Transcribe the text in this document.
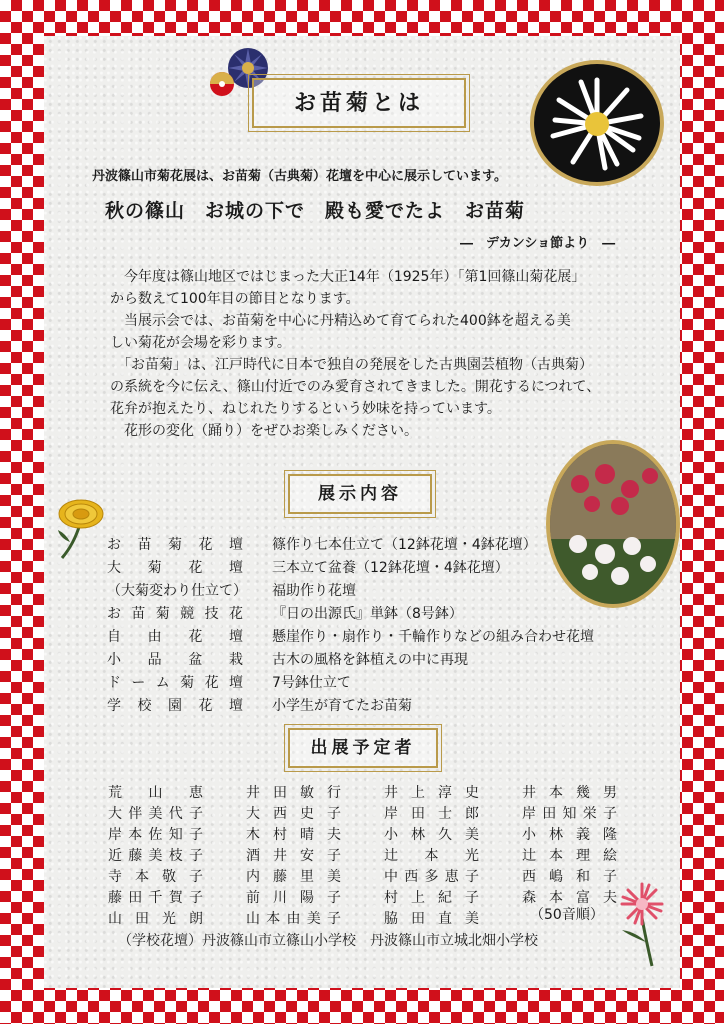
お苗菊とは
丹波篠山市菊花展は、お苗菊（古典菊）花壇を中心に展示しています。
秋の篠山　お城の下で　殿も愛でたよ　お苗菊
―　デカンショ節より　―
　今年度は篠山地区ではじまった大正14年（1925年）「第1回篠山菊花展」
から数えて100年目の節目となります。
　当展示会では、お苗菊を中心に丹精込めて育てられた400鉢を超える美
しい菊花が会場を彩ります。
　「お苗菊」は、江戸時代に日本で独自の発展をした古典園芸植物（古典菊）
の系統を今に伝え、篠山付近でのみ愛育されてきました。開花するにつれて、
花弁が抱えたり、ねじれたりするという妙味を持っています。
　花形の変化（踊り）をぜひお楽しみください。
展示内容
お 苗 菊 花 壇 篠作り七本仕立て（12鉢花壇・4鉢花壇）
大 菊 花 壇 三本立て盆養（12鉢花壇・4鉢花壇）
（大菊変わり仕立て） 福助作り花壇
お 苗 菊 競 技 花 『日の出源氏』単鉢（8号鉢）
自 由 花 壇 懸崖作り・扇作り・千輪作りなどの組み合わせ花壇
小 品 盆 栽 古木の風格を鉢植えの中に再現
ド ー ム 菊 花 壇 7号鉢仕立て
学 校 園 花 壇 小学生が育てたお苗菊
出展予定者
荒 山 恵
大 伴 美 代 子
岸 本 佐 知 子
近 藤 美 枝 子
寺 本 敬 子
藤 田 千 賀 子
山 田 光 朗
井 田 敏 行
大 西 史 子
木 村 晴 夫
酒 井 安 子
内 藤 里 美
前 川 陽 子
山 本 由 美 子
井 上 淳 史
岸 田 士 郎
小 林 久 美
辻 本 光
中 西 多 恵 子
村 上 紀 子
脇 田 直 美
井 本 幾 男
岸 田 知 栄 子
小 林 義 隆
辻 本 理 絵
西 嶋 和 子
森 本 富 夫
（50音順）
（学校花壇）丹波篠山市立篠山小学校　丹波篠山市立城北畑小学校
